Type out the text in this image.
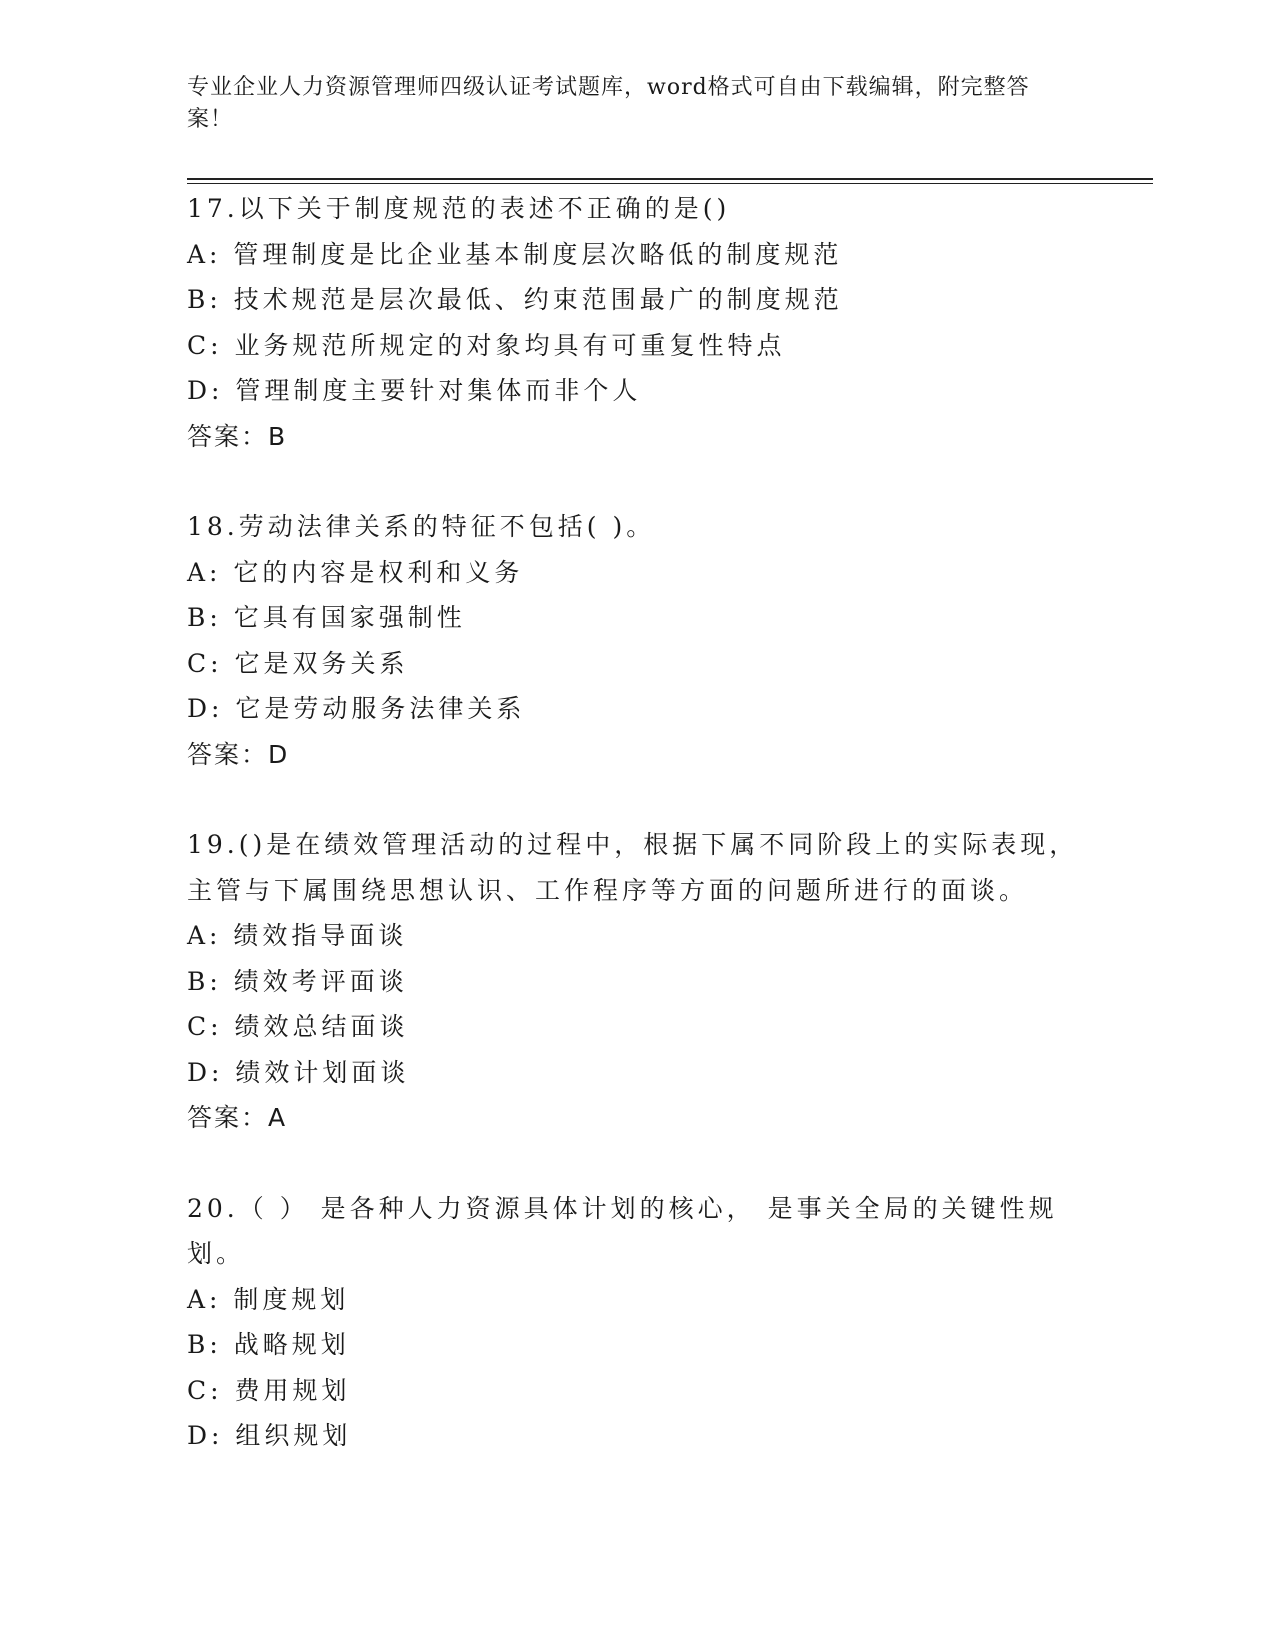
专业企业人力资源管理师四级认证考试题库，word格式可自由下载编辑，附完整答案！
17.以下关于制度规范的表述不正确的是()
A: 管理制度是比企业基本制度层次略低的制度规范
B: 技术规范是层次最低、约束范围最广的制度规范
C: 业务规范所规定的对象均具有可重复性特点
D: 管理制度主要针对集体而非个人
答案：B
18.劳动法律关系的特征不包括( )。
A: 它的内容是权利和义务
B: 它具有国家强制性
C: 它是双务关系
D: 它是劳动服务法律关系
答案：D
19.()是在绩效管理活动的过程中，根据下属不同阶段上的实际表现，主管与下属围绕思想认识、工作程序等方面的问题所进行的面谈。
A: 绩效指导面谈
B: 绩效考评面谈
C: 绩效总结面谈
D: 绩效计划面谈
答案：A
20.（ ） 是各种人力资源具体计划的核心， 是事关全局的关键性规划。
A: 制度规划
B: 战略规划
C: 费用规划
D: 组织规划
